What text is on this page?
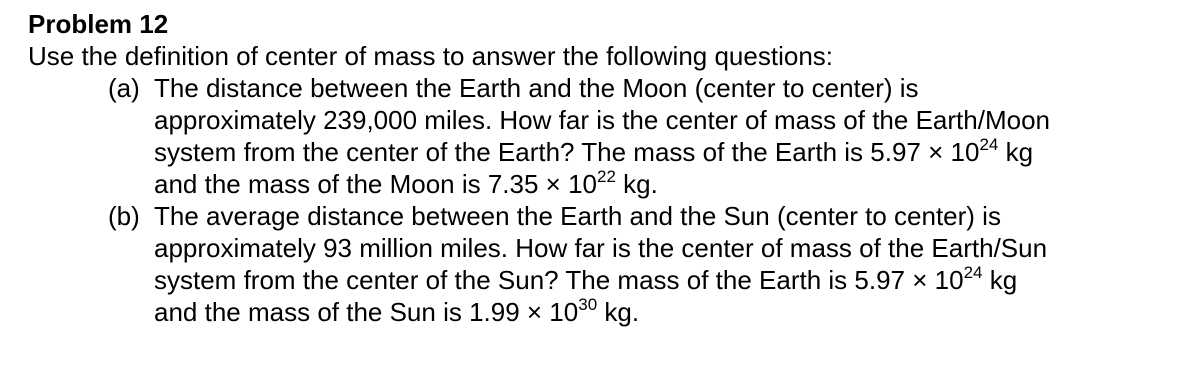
Problem 12

Use the definition of center of mass to answer the following questions:

(a) The distance between the Earth and the Moon (center to center) is
approximately 239,000 miles. How far is the center of mass of the Earth/Moon
system from the center of the Earth? The mass of the Earth is $5.97 \times 10^{24}$ kg
and the mass of the Moon is $7.35 \times 10^{22}$ kg.
(b) The average distance between the Earth and the Sun (center to center) is
approximately 93 million miles. How far is the center of mass of the Earth/Sun
system from the center of the Sun? The mass of the Earth is $5.97 \times 10^{24}$ kg
and the mass of the Sun is $1.99 \times 10^{30}$ kg.
